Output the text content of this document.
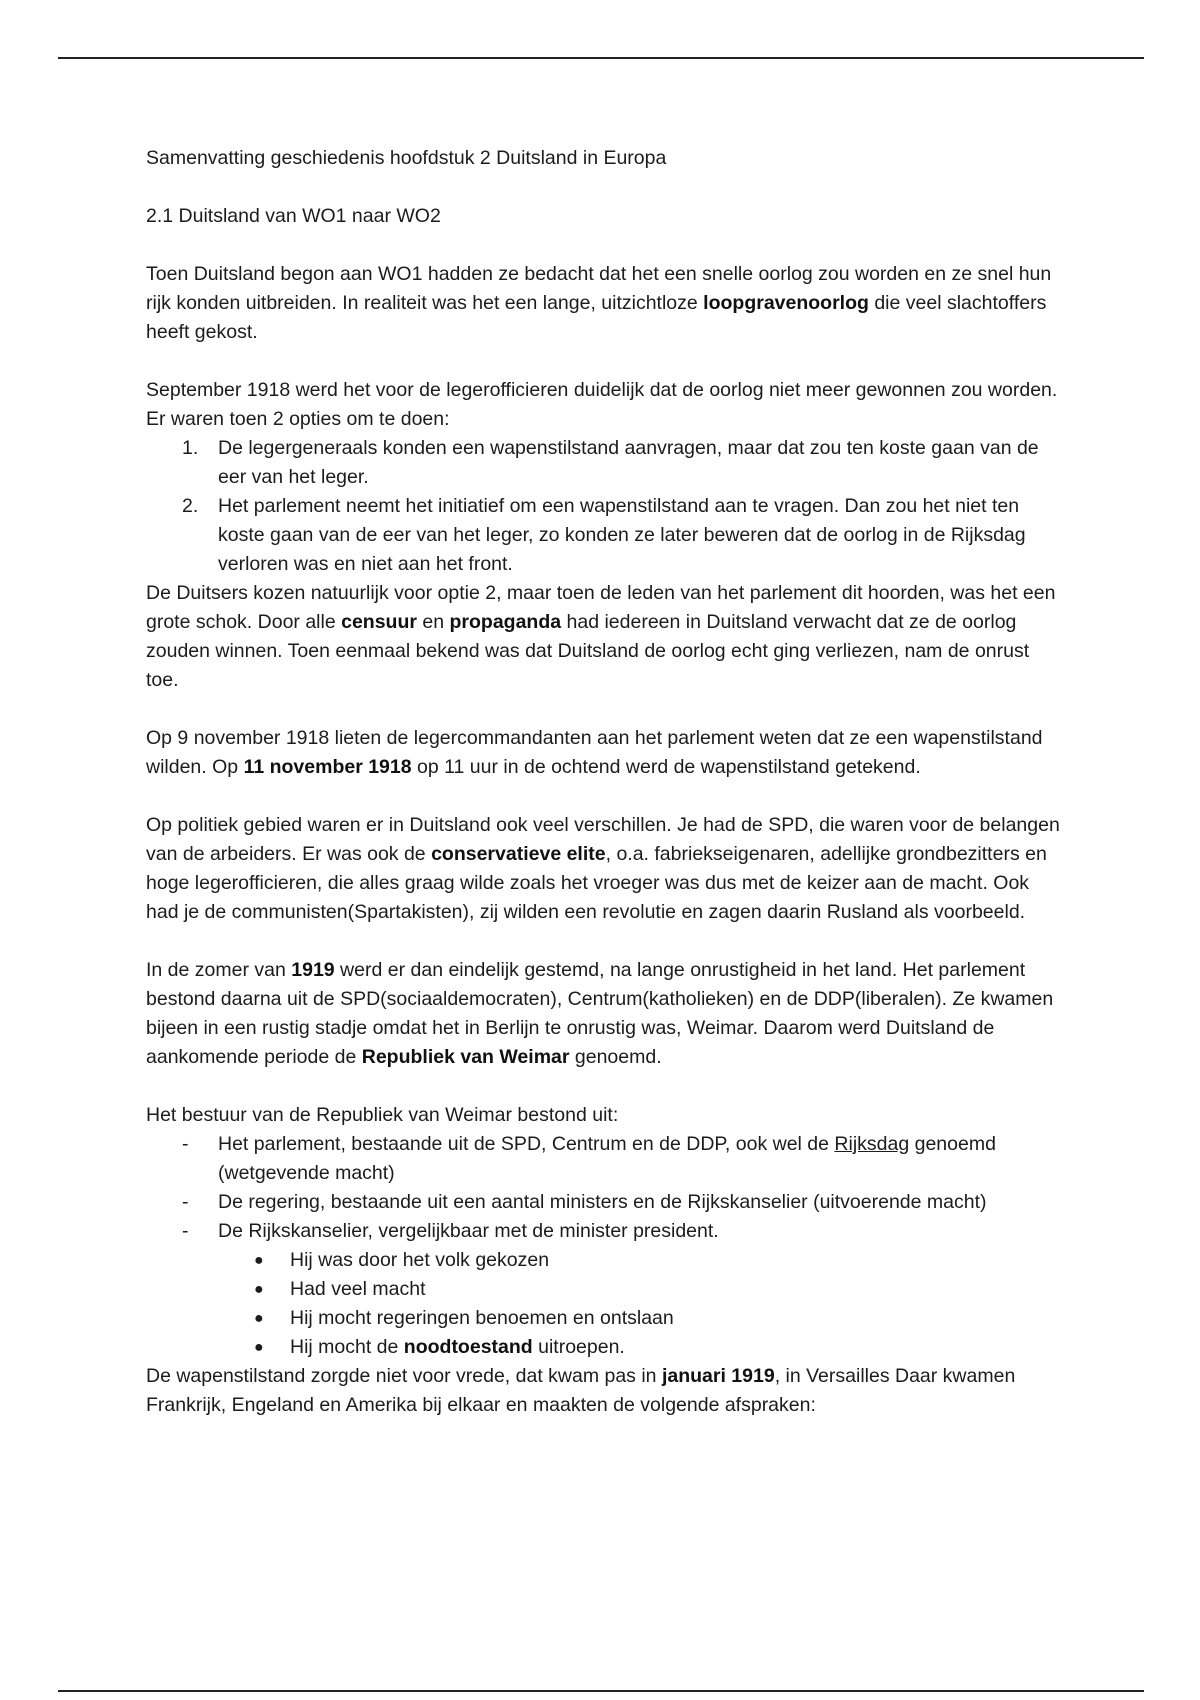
Samenvatting geschiedenis hoofdstuk 2 Duitsland in Europa

2.1 Duitsland van WO1 naar WO2

Toen Duitsland begon aan WO1 hadden ze bedacht dat het een snelle oorlog zou worden en ze snel hun rijk konden uitbreiden. In realiteit was het een lange, uitzichtloze loopgravenoorlog die veel slachtoffers heeft gekost.

September 1918 werd het voor de legerofficieren duidelijk dat de oorlog niet meer gewonnen zou worden. Er waren toen 2 opties om te doen:

De legergeneraals konden een wapenstilstand aanvragen, maar dat zou ten koste gaan van de eer van het leger.
Het parlement neemt het initiatief om een wapenstilstand aan te vragen. Dan zou het niet ten koste gaan van de eer van het leger, zo konden ze later beweren dat de oorlog in de Rijksdag verloren was en niet aan het front.

De Duitsers kozen natuurlijk voor optie 2, maar toen de leden van het parlement dit hoorden, was het een grote schok. Door alle censuur en propaganda had iedereen in Duitsland verwacht dat ze de oorlog zouden winnen. Toen eenmaal bekend was dat Duitsland de oorlog echt ging verliezen, nam de onrust toe.

Op 9 november 1918 lieten de legercommandanten aan het parlement weten dat ze een wapenstilstand wilden. Op 11 november 1918 op 11 uur in de ochtend werd de wapenstilstand getekend.

Op politiek gebied waren er in Duitsland ook veel verschillen. Je had de SPD, die waren voor de belangen van de arbeiders. Er was ook de conservatieve elite, o.a. fabriekseigenaren, adellijke grondbezitters en hoge legerofficieren, die alles graag wilde zoals het vroeger was dus met de keizer aan de macht. Ook had je de communisten(Spartakisten), zij wilden een revolutie en zagen daarin Rusland als voorbeeld.

In de zomer van 1919 werd er dan eindelijk gestemd, na lange onrustigheid in het land. Het parlement bestond daarna uit de SPD(sociaaldemocraten), Centrum(katholieken) en de DDP(liberalen). Ze kwamen bijeen in een rustig stadje omdat het in Berlijn te onrustig was, Weimar. Daarom werd Duitsland de aankomende periode de Republiek van Weimar genoemd.

Het bestuur van de Republiek van Weimar bestond uit:

- Het parlement, bestaande uit de SPD, Centrum en de DDP, ook wel de Rijksdag genoemd (wetgevende macht)
- De regering, bestaande uit een aantal ministers en de Rijkskanselier (uitvoerende macht)
- De Rijkskanselier, vergelijkbaar met de minister president.
● Hij was door het volk gekozen
● Had veel macht
● Hij mocht regeringen benoemen en ontslaan
● Hij mocht de noodtoestand uitroepen.

De wapenstilstand zorgde niet voor vrede, dat kwam pas in januari 1919, in Versailles Daar kwamen Frankrijk, Engeland en Amerika bij elkaar en maakten de volgende afspraken:
